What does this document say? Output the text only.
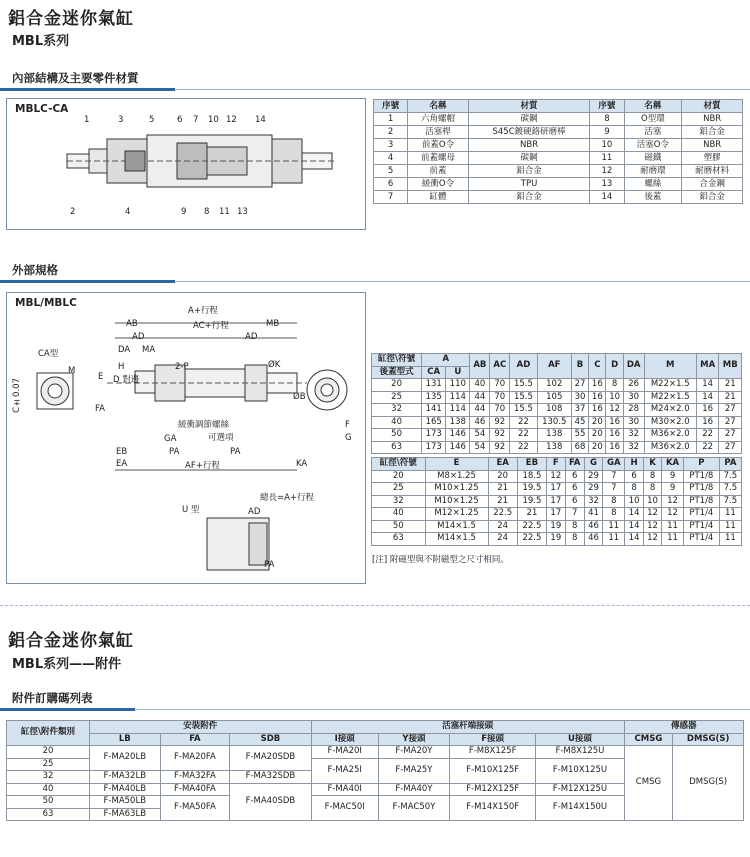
鋁合金迷你氣缸
MBL系列
內部結構及主要零件材質
MBLC-CA
1	3	5	6 7 10 12 14
2	4	9 8 11 13
序號	名稱	材質	序號	名稱	材質
1	六角螺帽	碳鋼	8	O型環	NBR
2	活塞桿	S45C鍍硬鉻研磨棒	9	活塞	鋁合金
3	前蓋O令	NBR	10	活塞O令	NBR
4	前蓋螺母	碳鋼	11	磁鐵	塑膠
5	前蓋	鋁合金	12	耐磨環	耐磨材料
6	緩衝O令	TPU	13	螺絲	合金鋼
7	缸體	鋁合金	14	後蓋	鋁合金
外部規格
MBL/MBLC
A+行程
AB	AC+行程	MB
AD	AD
DA MA
2-P	ØK
CA型
M
C±0.07
H
E D 對邊
FA
ØB
緩衝調節螺絲
可選項
GA
PA	PA
EB
EA	AF+行程	KA
F
G
U 型
總長=A+行程
AD
PA
缸徑\符號	A		AB	AC	AD	AF	B	C	D	DA	M	MA	MB
後蓋型式	CA	U											
20	131	110	40	70	15.5	102	27	16	8	26	M22×1.5	14	21
25	135	114	44	70	15.5	105	30	16	10	30	M22×1.5	14	21
32	141	114	44	70	15.5	108	37	16	12	28	M24×2.0	16	27
40	165	138	46	92	22	130.5	45	20	16	30	M30×2.0	16	27
50	173	146	54	92	22	138	55	20	16	32	M36×2.0	22	27
63	173	146	54	92	22	138	68	20	16	32	M36×2.0	22	27
缸徑\符號	E	EA	EB	F	FA	G	GA	H	K	KA	P	PA
20	M8×1.25	20	18.5	12	6	29	7	6	8	9	PT1/8	7.5
25	M10×1.25	21	19.5	17	6	29	7	8	8	9	PT1/8	7.5
32	M10×1.25	21	19.5	17	6	32	8	10	10	12	PT1/8	7.5
40	M12×1.25	22.5	21	17	7	41	8	14	12	12	PT1/4	11
50	M14×1.5	24	22.5	19	8	46	11	14	12	11	PT1/4	11
63	M14×1.5	24	22.5	19	8	46	11	14	12	11	PT1/4	11
[注] 附磁型與不附磁型之尺寸相同。
鋁合金迷你氣缸
MBL系列——附件
附件訂購碼列表
缸徑\附件類別	安裝附件			活塞杆端接頭				傳感器	
	LB	FA	SDB	I接頭	Y接頭	F接頭	U接頭	CMSG	DMSG(S)
20	F-MA20LB	F-MA20FA	F-MA20SDB	F-MA20I	F-MA20Y	F-M8X125F	F-M8X125U	CMSG	DMSG(S)
25				F-MA25I	F-MA25Y	F-M10X125F	F-M10X125U		
32	F-MA32LB	F-MA32FA	F-MA32SDB						
40	F-MA40LB	F-MA40FA	F-MA40SDB	F-MA40I	F-MA40Y	F-M12X125F	F-M12X125U		
50	F-MA50LB	F-MA50FA		F-MAC50I	F-MAC50Y	F-M14X150F	F-M14X150U		
63	F-MA63LB								
